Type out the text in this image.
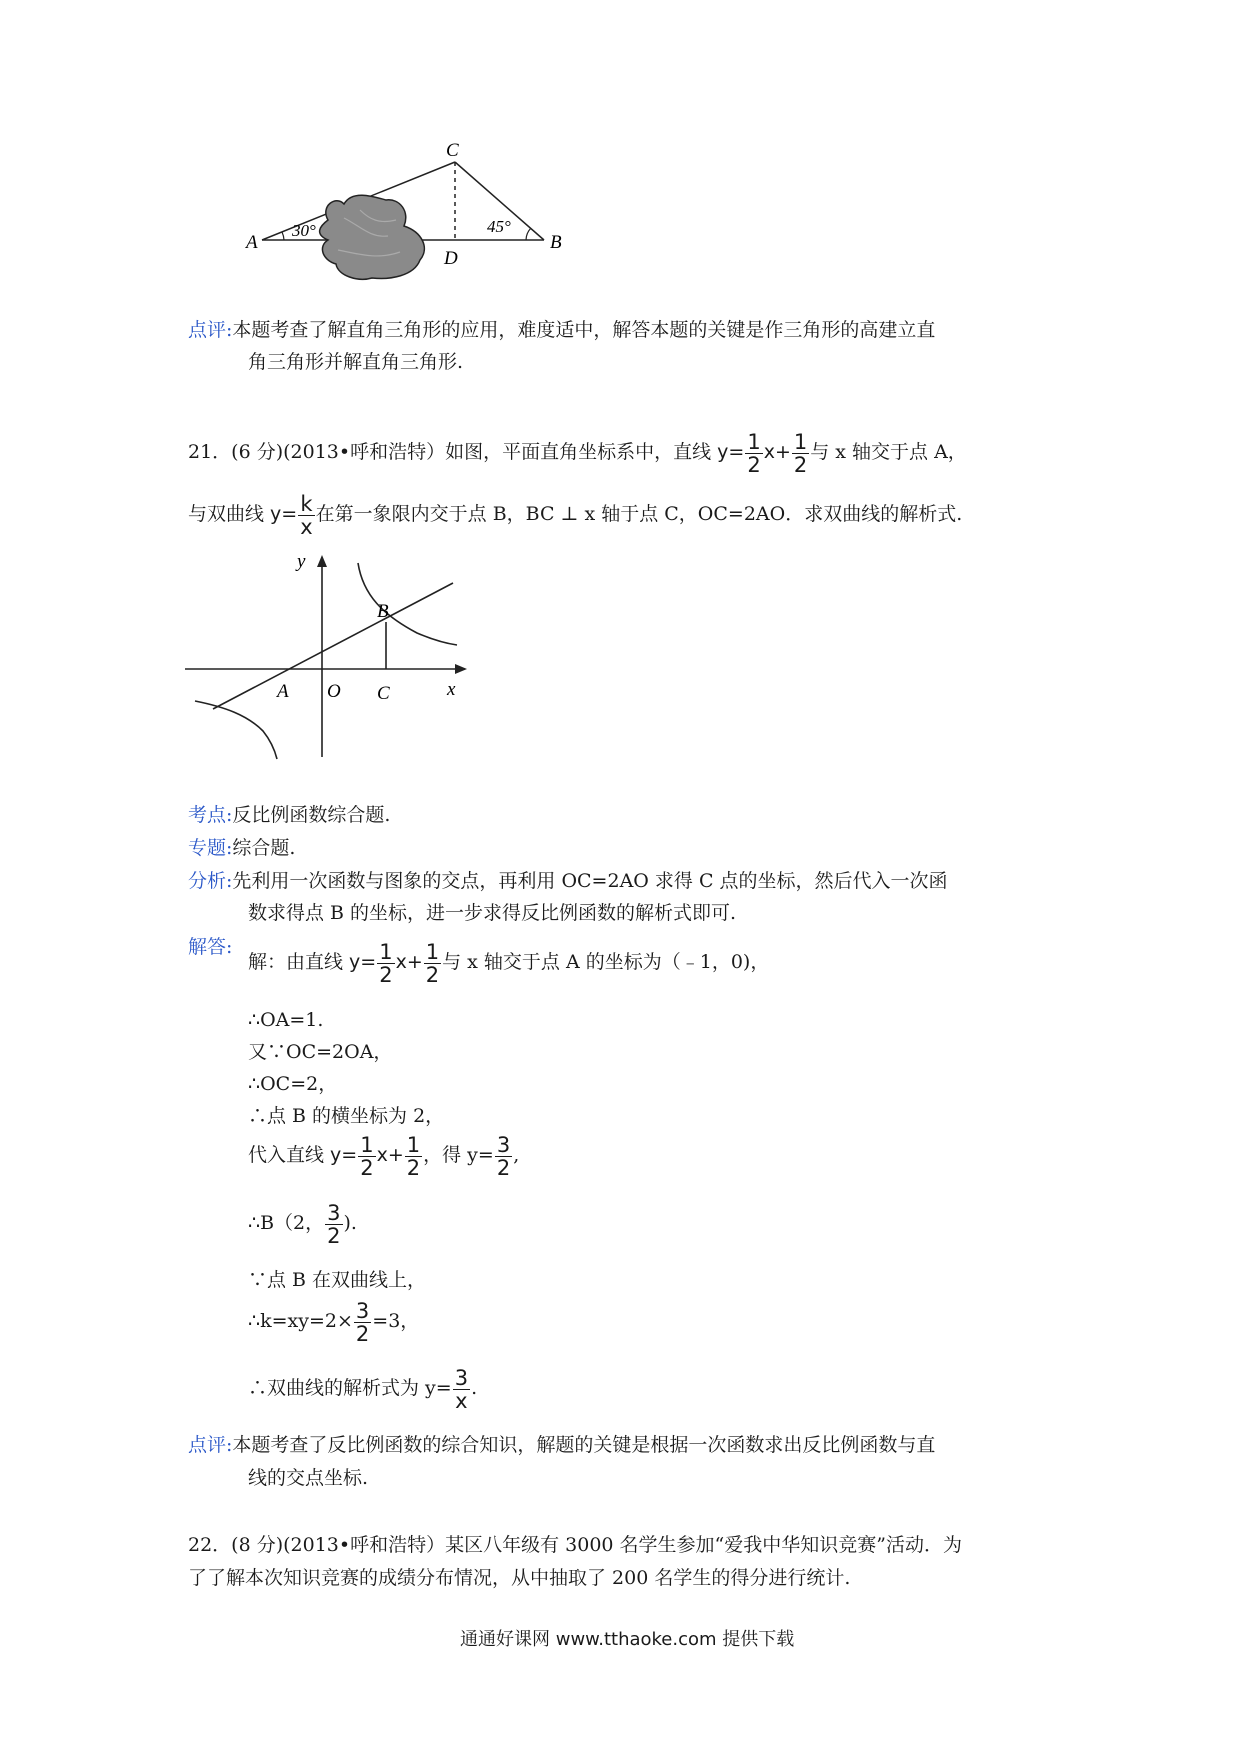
30°	45°
A	B
C
D
点评:本题考查了解直角三角形的应用，难度适中，解答本题的关键是作三角形的高建立直
角三角形并解直角三角形.
21．(6 分)(2013•呼和浩特）如图，平面直角坐标系中，直线 $y= \frac{1}{2} x+ \frac{1}{2}$ 与 x 轴交于点 A，
与双曲线 $y= \frac{k}{x}$ 在第一象限内交于点 B，BC ⊥ x 轴于点 C，OC=2AO．求双曲线的解析式.
y
x
A O C
B
考点:反比例函数综合题.
专题:综合题.
分析:先利用一次函数与图象的交点，再利用 OC=2AO 求得 C 点的坐标，然后代入一次函
数求得点 B 的坐标，进一步求得反比例函数的解析式即可.
解答:
解：由直线 $y= \frac{1}{2} x+ \frac{1}{2}$ 与 x 轴交于点 A 的坐标为（﹣1，0)，
∴OA=1.
又∵OC=2OA，
∴OC=2，
∴点 B 的横坐标为 2，
代入直线 $y= \frac{1}{2} x+ \frac{1}{2}$ ，得 $y= \frac{3}{2}$ ,
∴B（2， $\frac{3}{2}$ ).
∵点 B 在双曲线上，
∴k=xy=2× $\frac{3}{2} =3$，
∴双曲线的解析式为 $y= \frac{3}{x}$ .
点评:本题考查了反比例函数的综合知识，解题的关键是根据一次函数求出反比例函数与直
线的交点坐标.
22．(8 分)(2013•呼和浩特）某区八年级有 3000 名学生参加“爱我中华知识竞赛”活动．为
了了解本次知识竞赛的成绩分布情况，从中抽取了 200 名学生的得分进行统计.
通通好课网 www.tthaoke.com 提供下载
